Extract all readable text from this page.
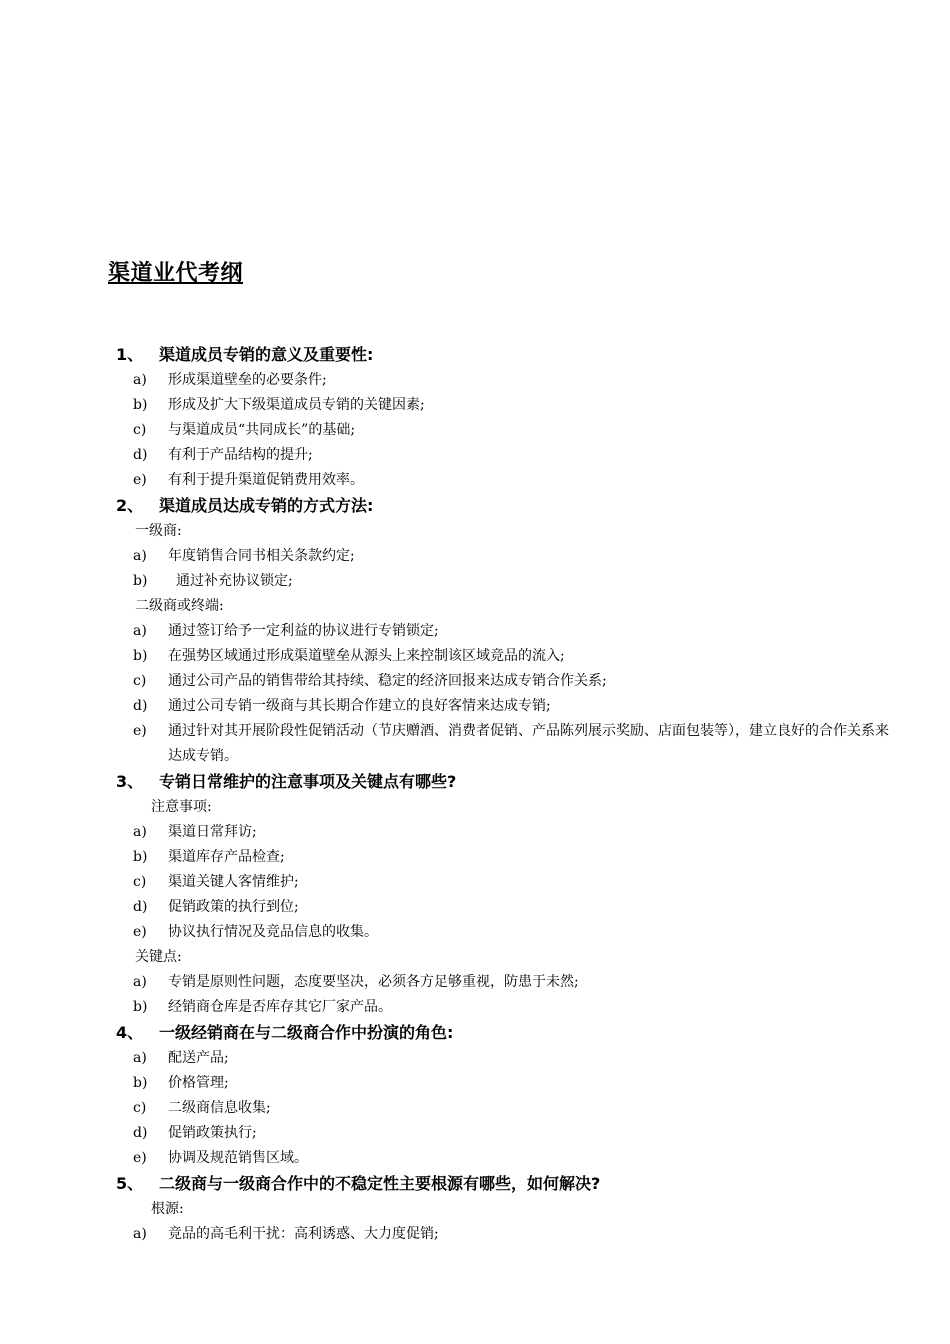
渠道业代考纲
1、 渠道成员专销的意义及重要性:
a) 形成渠道壁垒的必要条件;
b) 形成及扩大下级渠道成员专销的关键因素;
c) 与渠道成员“共同成长”的基础;
d) 有利于产品结构的提升;
e) 有利于提升渠道促销费用效率。
2、 渠道成员达成专销的方式方法:
一级商:
a) 年度销售合同书相关条款约定;
b) 通过补充协议锁定;
二级商或终端:
a) 通过签订给予一定利益的协议进行专销锁定;
b) 在强势区域通过形成渠道壁垒从源头上来控制该区域竞品的流入;
c) 通过公司产品的销售带给其持续、稳定的经济回报来达成专销合作关系;
d) 通过公司专销一级商与其长期合作建立的良好客情来达成专销;
e) 通过针对其开展阶段性促销活动（节庆赠酒、消费者促销、产品陈列展示奖励、店面包装等），建立良好的合作关系来达成专销。
3、 专销日常维护的注意事项及关键点有哪些?
注意事项:
a) 渠道日常拜访;
b) 渠道库存产品检查;
c) 渠道关键人客情维护;
d) 促销政策的执行到位;
e) 协议执行情况及竞品信息的收集。
关键点:
a) 专销是原则性问题，态度要坚决，必须各方足够重视，防患于未然;
b) 经销商仓库是否库存其它厂家产品。
4、 一级经销商在与二级商合作中扮演的角色:
a) 配送产品;
b) 价格管理;
c) 二级商信息收集;
d) 促销政策执行;
e) 协调及规范销售区域。
5、 二级商与一级商合作中的不稳定性主要根源有哪些，如何解决?
根源:
a) 竞品的高毛利干扰：高利诱惑、大力度促销;
